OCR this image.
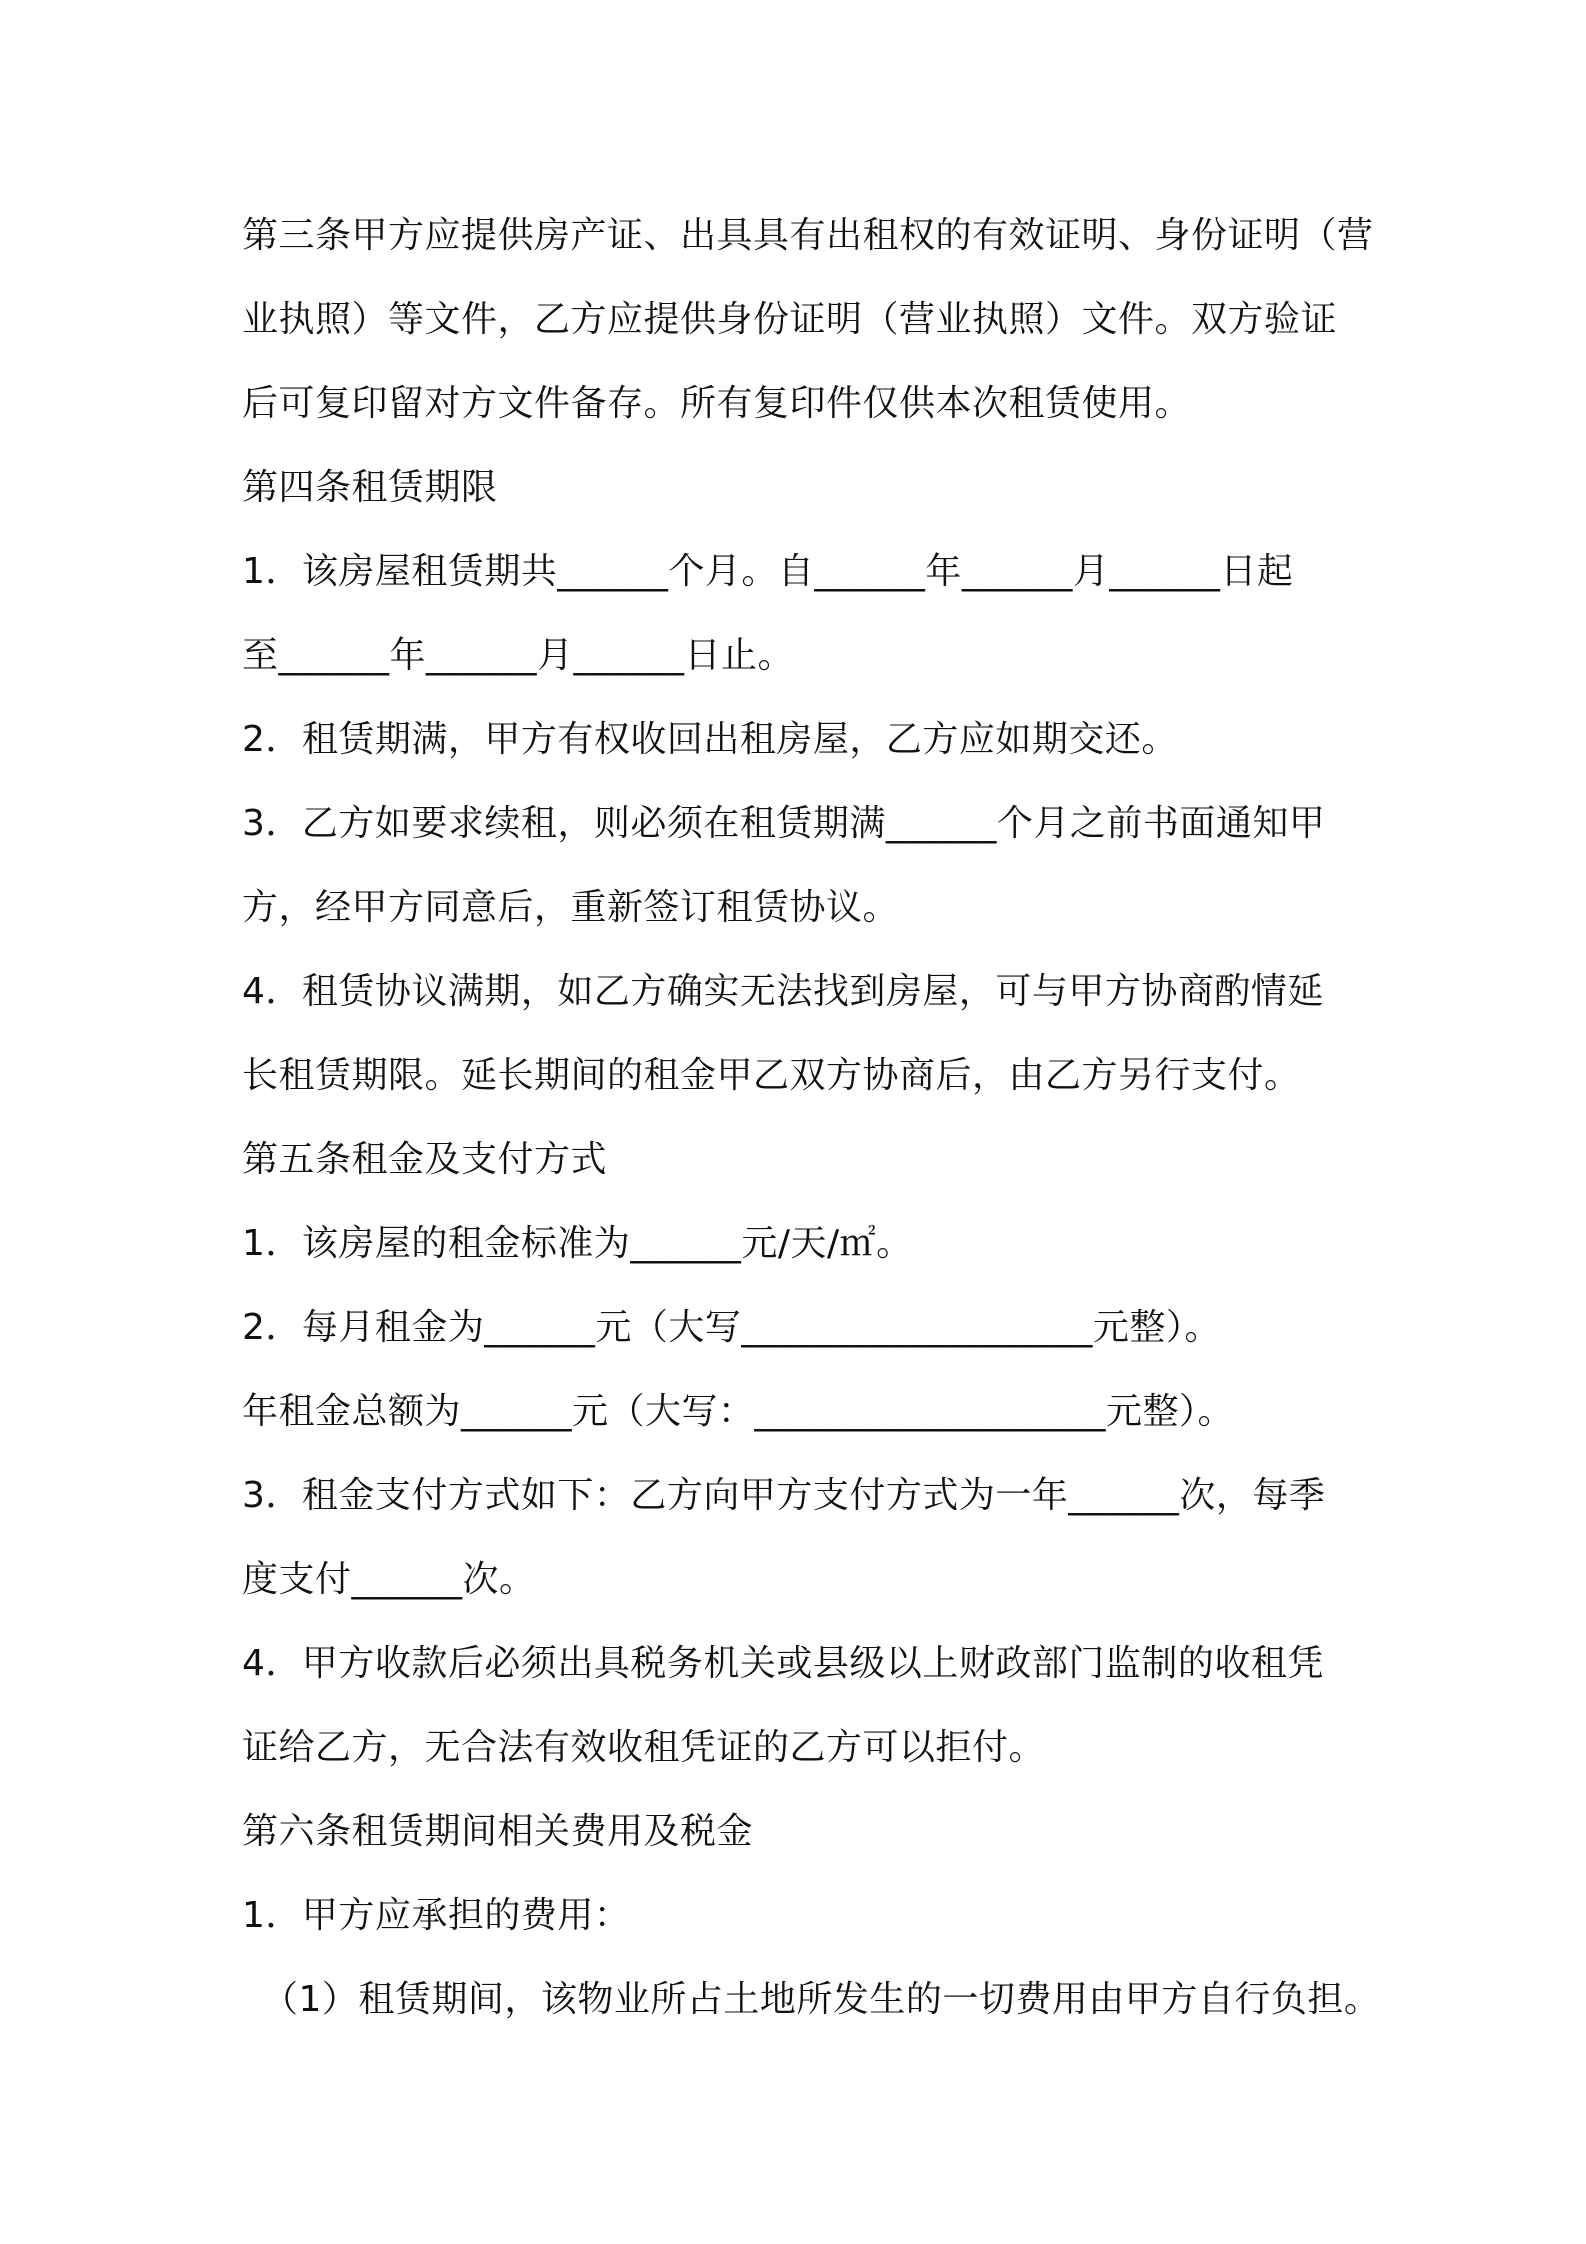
第三条甲方应提供房产证、出具具有出租权的有效证明、身份证明（营
业执照）等文件，乙方应提供身份证明（营业执照）文件。双方验证
后可复印留对方文件备存。所有复印件仅供本次租赁使用。
第四条租赁期限
1．该房屋租赁期共______个月。自______年______月______日起
至______年______月______日止。
2．租赁期满，甲方有权收回出租房屋，乙方应如期交还。
3．乙方如要求续租，则必须在租赁期满______个月之前书面通知甲
方，经甲方同意后，重新签订租赁协议。
4．租赁协议满期，如乙方确实无法找到房屋，可与甲方协商酌情延
长租赁期限。延长期间的租金甲乙双方协商后，由乙方另行支付。
第五条租金及支付方式
1．该房屋的租金标准为______元/天/㎡。
2．每月租金为______元（大写___________________元整）。
年租金总额为______元（大写：___________________元整）。
3．租金支付方式如下：乙方向甲方支付方式为一年______次，每季
度支付______次。
4．甲方收款后必须出具税务机关或县级以上财政部门监制的收租凭
证给乙方，无合法有效收租凭证的乙方可以拒付。
第六条租赁期间相关费用及税金
1．甲方应承担的费用：
（1）租赁期间，该物业所占土地所发生的一切费用由甲方自行负担。
